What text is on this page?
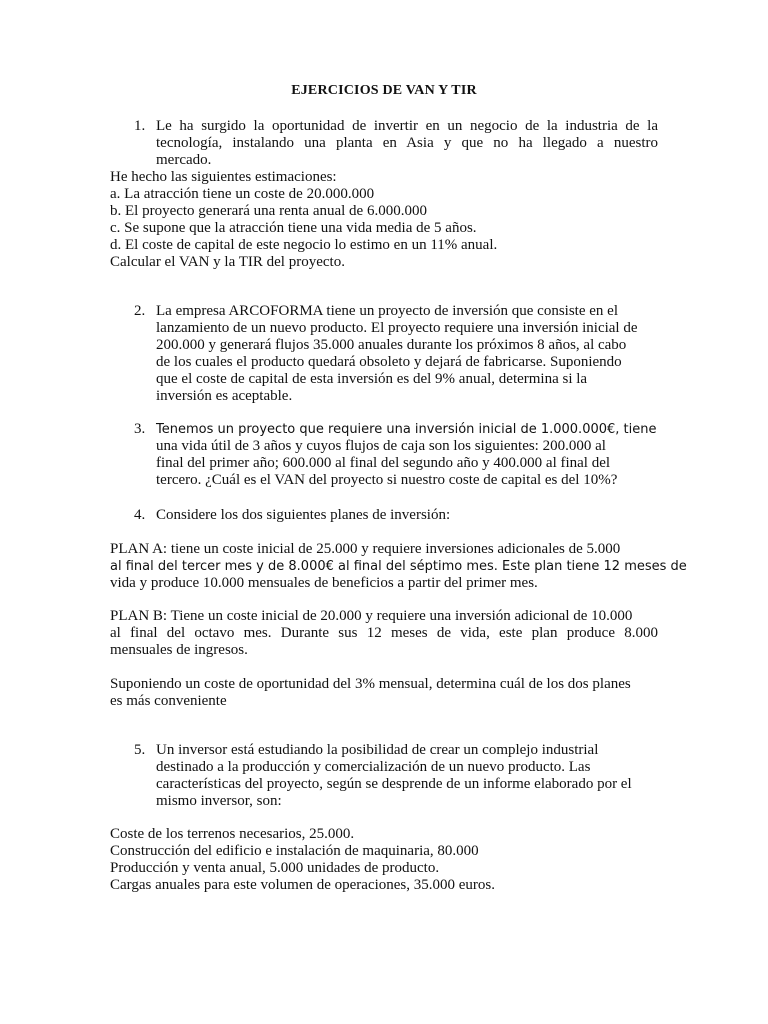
EJERCICIOS DE VAN Y TIR
1. Le ha surgido la oportunidad de invertir en un negocio de la industria de la
tecnología, instalando una planta en Asia y que no ha llegado a nuestro
mercado.
He hecho las siguientes estimaciones:
a. La atracción tiene un coste de 20.000.000
b. El proyecto generará una renta anual de 6.000.000
c. Se supone que la atracción tiene una vida media de 5 años.
d. El coste de capital de este negocio lo estimo en un 11% anual.
Calcular el VAN y la TIR del proyecto.
2. La empresa ARCOFORMA tiene un proyecto de inversión que consiste en el
lanzamiento de un nuevo producto. El proyecto requiere una inversión inicial de
200.000 y generará flujos 35.000 anuales durante los próximos 8 años, al cabo
de los cuales el producto quedará obsoleto y dejará de fabricarse. Suponiendo
que el coste de capital de esta inversión es del 9% anual, determina si la
inversión es aceptable.
3. Tenemos un proyecto que requiere una inversión inicial de 1.000.000€, tiene
una vida útil de 3 años y cuyos flujos de caja son los siguientes: 200.000 al
final del primer año; 600.000 al final del segundo año y 400.000 al final del
tercero. ¿Cuál es el VAN del proyecto si nuestro coste de capital es del 10%?
4. Considere los dos siguientes planes de inversión:
PLAN A: tiene un coste inicial de 25.000 y requiere inversiones adicionales de 5.000
al final del tercer mes y de 8.000€ al final del séptimo mes. Este plan tiene 12 meses de
vida y produce 10.000 mensuales de beneficios a partir del primer mes.
PLAN B: Tiene un coste inicial de 20.000 y requiere una inversión adicional de 10.000
al final del octavo mes. Durante sus 12 meses de vida, este plan produce 8.000
mensuales de ingresos.
Suponiendo un coste de oportunidad del 3% mensual, determina cuál de los dos planes
es más conveniente
5. Un inversor está estudiando la posibilidad de crear un complejo industrial
destinado a la producción y comercialización de un nuevo producto. Las
características del proyecto, según se desprende de un informe elaborado por el
mismo inversor, son:
Coste de los terrenos necesarios, 25.000.
Construcción del edificio e instalación de maquinaria, 80.000
Producción y venta anual, 5.000 unidades de producto.
Cargas anuales para este volumen de operaciones, 35.000 euros.
